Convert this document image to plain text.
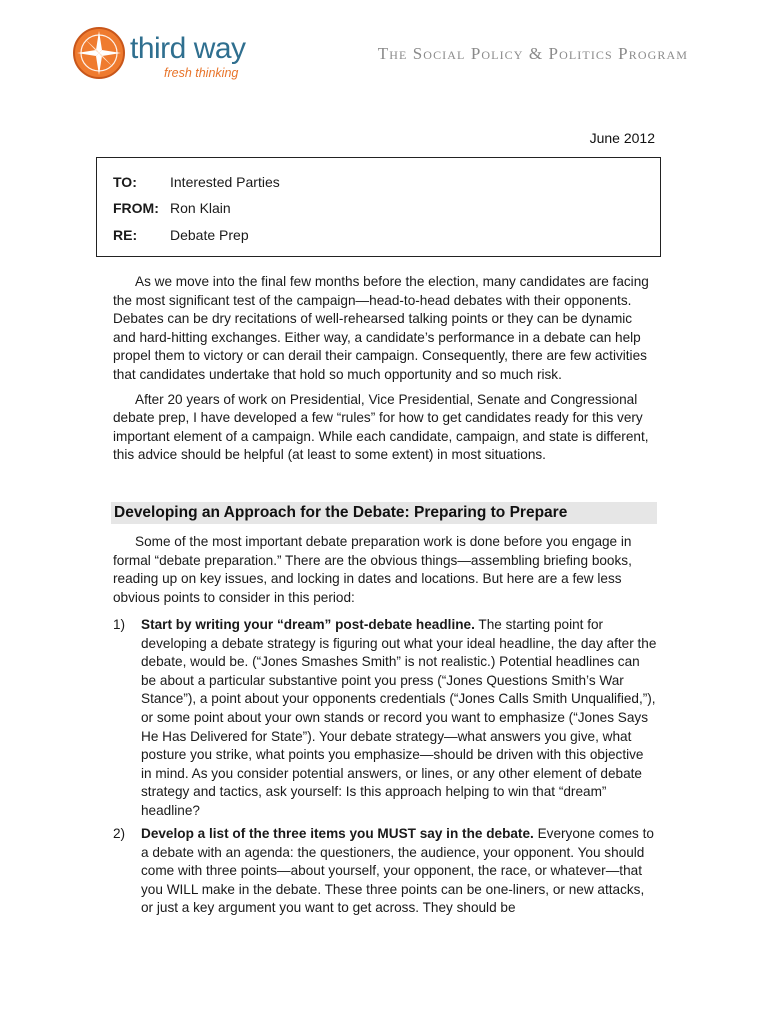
third way
fresh thinking
The Social Policy & Politics Program
June 2012
TO:	Interested Parties
FROM: Ron Klain
RE:	Debate Prep

As we move into the final few months before the election, many candidates are facing the most significant test of the campaign—head-to-head debates with their opponents. Debates can be dry recitations of well-rehearsed talking points or they can be dynamic and hard-hitting exchanges. Either way, a candidate’s performance in a debate can help propel them to victory or can derail their campaign. Consequently, there are few activities that candidates undertake that hold so much opportunity and so much risk.

After 20 years of work on Presidential, Vice Presidential, Senate and Congressional debate prep, I have developed a few “rules” for how to get candidates ready for this very important element of a campaign. While each candidate, campaign, and state is different, this advice should be helpful (at least to some extent) in most situations.

Developing an Approach for the Debate: Preparing to Prepare

Some of the most important debate preparation work is done before you engage in formal “debate preparation.” There are the obvious things—assembling briefing books, reading up on key issues, and locking in dates and locations. But here are a few less obvious points to consider in this period:

1) Start by writing your “dream” post-debate headline. The starting point for developing a debate strategy is figuring out what your ideal headline, the day after the debate, would be. (“Jones Smashes Smith” is not realistic.) Potential headlines can be about a particular substantive point you press (“Jones Questions Smith’s War Stance”), a point about your opponents credentials (“Jones Calls Smith Unqualified,”), or some point about your own stands or record you want to emphasize (“Jones Says He Has Delivered for State”). Your debate strategy—what answers you give, what posture you strike, what points you emphasize—should be driven with this objective in mind. As you consider potential answers, or lines, or any other element of debate strategy and tactics, ask yourself: Is this approach helping to win that “dream” headline?
2) Develop a list of the three items you MUST say in the debate. Everyone comes to a debate with an agenda: the questioners, the audience, your opponent. You should come with three points—about yourself, your opponent, the race, or whatever—that you WILL make in the debate. These three points can be one-liners, or new attacks, or just a key argument you want to get across. They should be
